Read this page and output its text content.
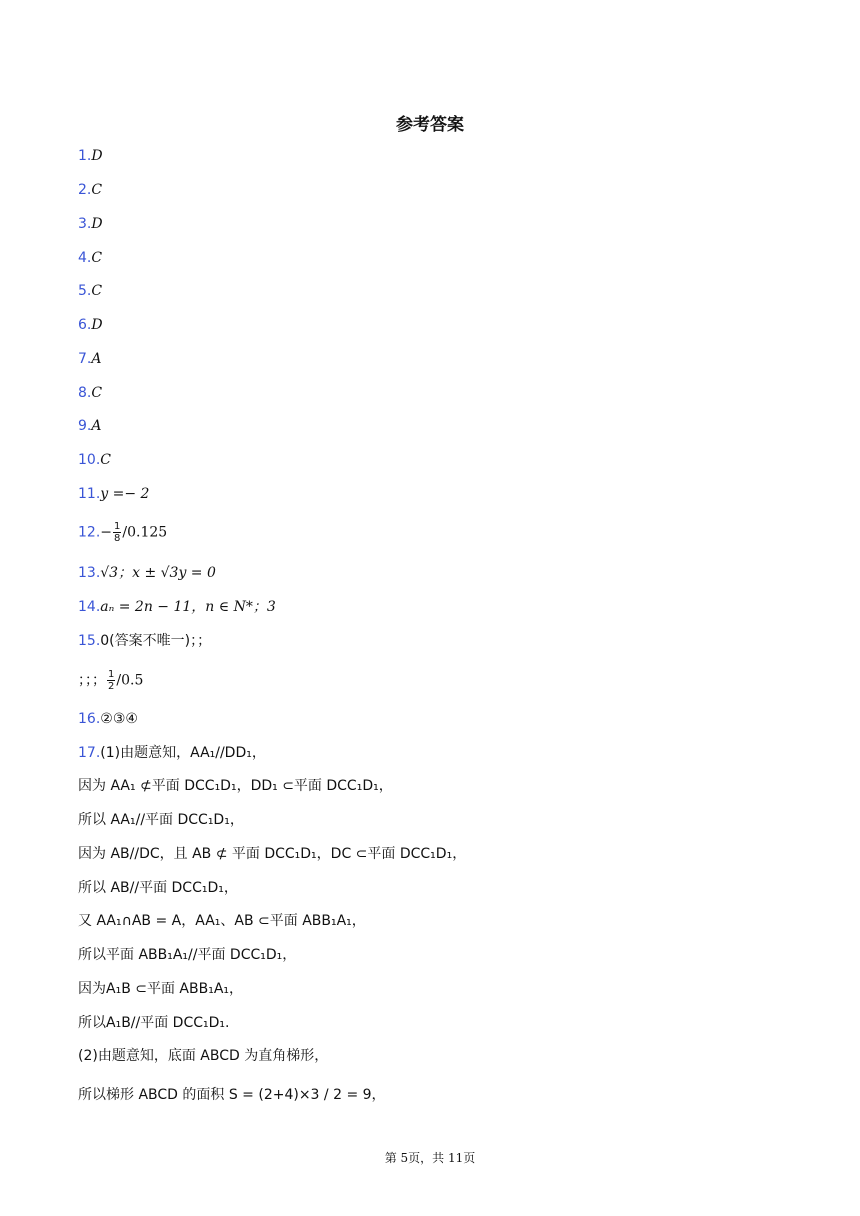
参考答案
1.D
2.C
3.D
4.C
5.C
6.D
7.A
8.C
9.A
10.C
11.y =− 2
$12.- \frac{1}{8} /0.125$
13.√3；x ± √3y = 0
14.aₙ = 2n − 11，n ∈ N*；3
15.0(答案不唯一)；；
；；； $\frac{1}{2} /0.5$
16.②③④
17.(1)由题意知，AA₁//DD₁，
因为 AA₁ ⊄平面 DCC₁D₁，DD₁ ⊂平面 DCC₁D₁，
所以 AA₁//平面 DCC₁D₁，
因为 AB//DC，且 AB ⊄ 平面 DCC₁D₁，DC ⊂平面 DCC₁D₁，
所以 AB//平面 DCC₁D₁，
又 AA₁∩AB = A，AA₁、AB ⊂平面 ABB₁A₁，
所以平面 ABB₁A₁//平面 DCC₁D₁，
因为A₁B ⊂平面 ABB₁A₁，
所以A₁B//平面 DCC₁D₁.
(2)由题意知，底面 ABCD 为直角梯形，
所以梯形 ABCD 的面积 S = (2+4)×3 / 2 = 9，
第 5页，共 11页
